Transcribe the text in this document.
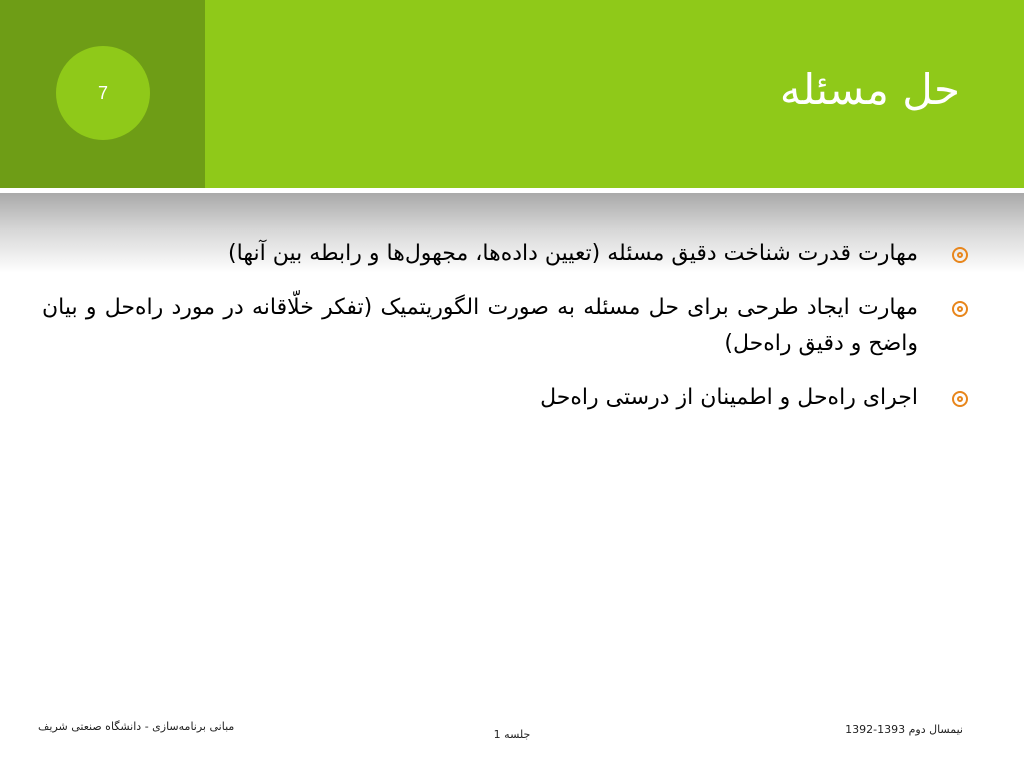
7	حل مسئله
مهارت قدرت شناخت دقیق مسئله (تعیین داده‌ها، مجهول‌ها و رابطه بین آنها)
مهارت ایجاد طرحی برای حل مسئله به صورت الگوریتمیک (تفکر خلّاقانه در مورد راه‌حل و بیان واضح و دقیق راه‌حل)
اجرای راه‌حل و اطمینان از درستی راه‌حل
مبانی برنامه‌سازی - دانشگاه صنعتی شریف
جلسه 1	نیمسال دوم 1393-1392
